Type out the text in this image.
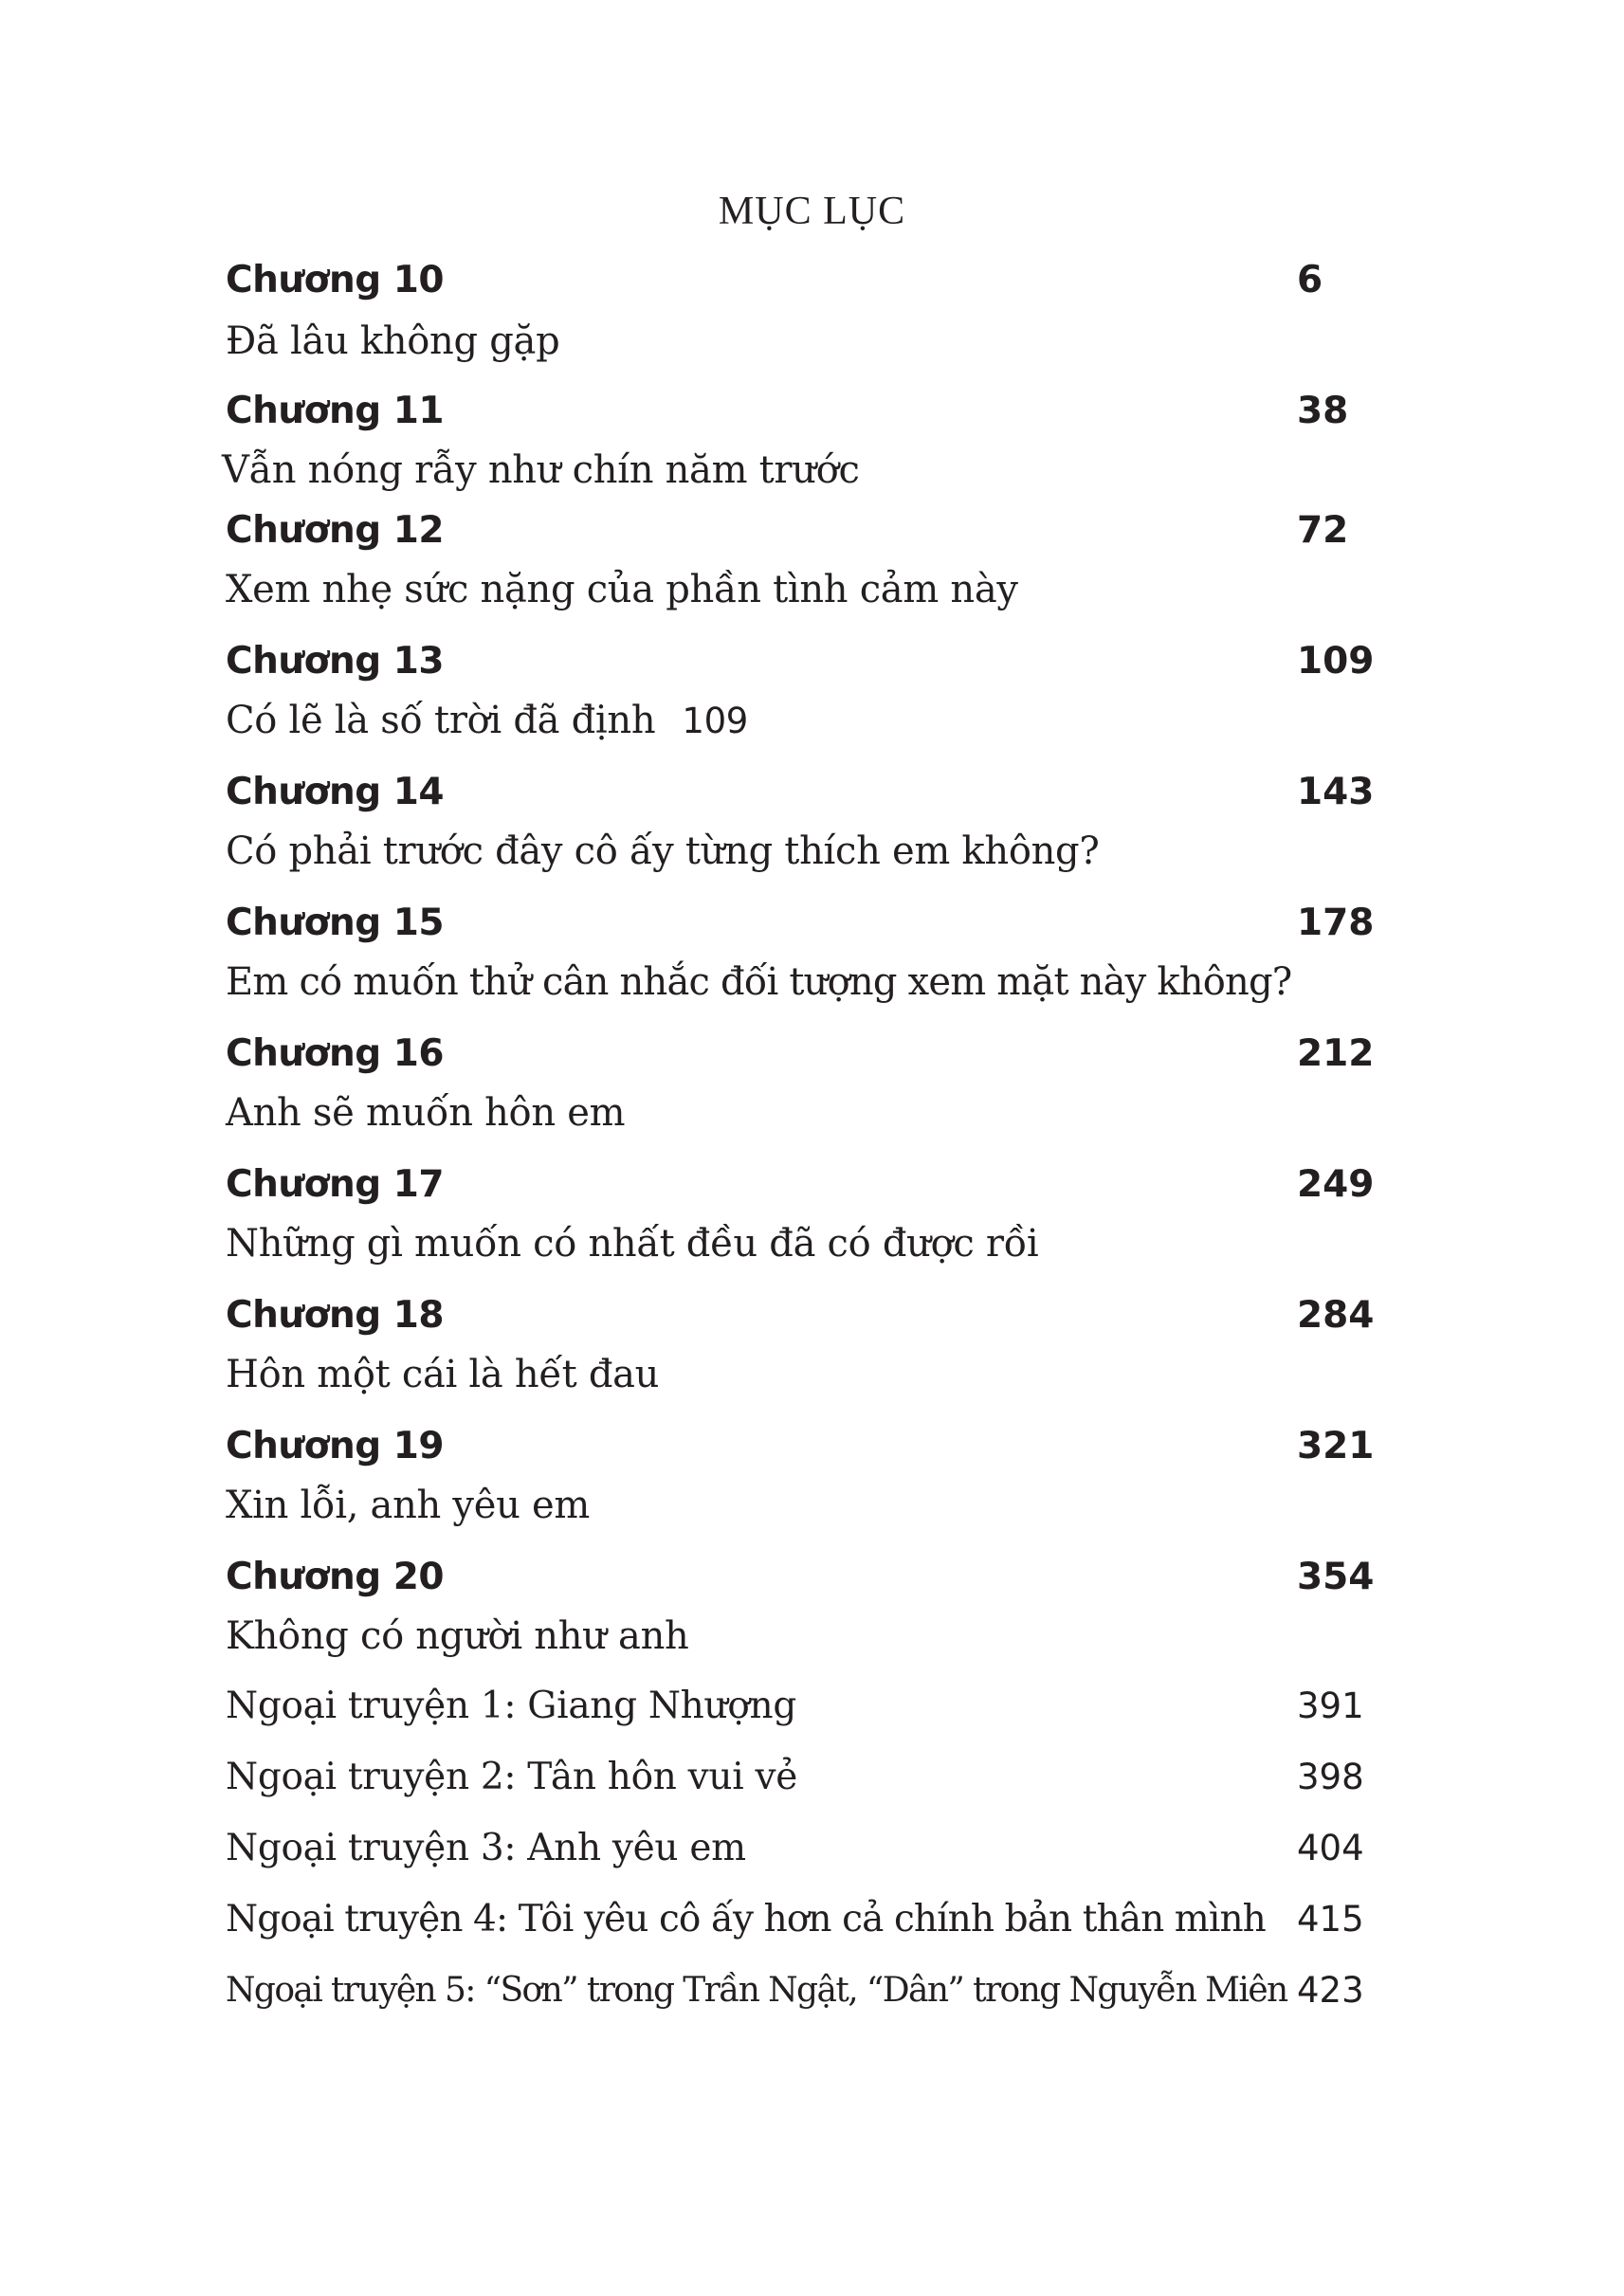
MỤC LỤC
Chương 10	6
Đã lâu không gặp
Chương 11	38
Vẫn nóng rẫy như chín năm trước
Chương 12	72
Xem nhẹ sức nặng của phần tình cảm này
Chương 13	109
Có lẽ là số trời đã định 109
Chương 14	143
Có phải trước đây cô ấy từng thích em không?
Chương 15	178
Em có muốn thử cân nhắc đối tượng xem mặt này không?
Chương 16	212
Anh sẽ muốn hôn em
Chương 17	249
Những gì muốn có nhất đều đã có được rồi
Chương 18	284
Hôn một cái là hết đau
Chương 19	321
Xin lỗi, anh yêu em
Chương 20	354
Không có người như anh
Ngoại truyện 1: Giang Nhượng	391
Ngoại truyện 2: Tân hôn vui vẻ	398
Ngoại truyện 3: Anh yêu em	404
Ngoại truyện 4: Tôi yêu cô ấy hơn cả chính bản thân mình 415
Ngoại truyện 5: “Sơn” trong Trần Ngật, “Dân” trong Nguyễn Miên 423
